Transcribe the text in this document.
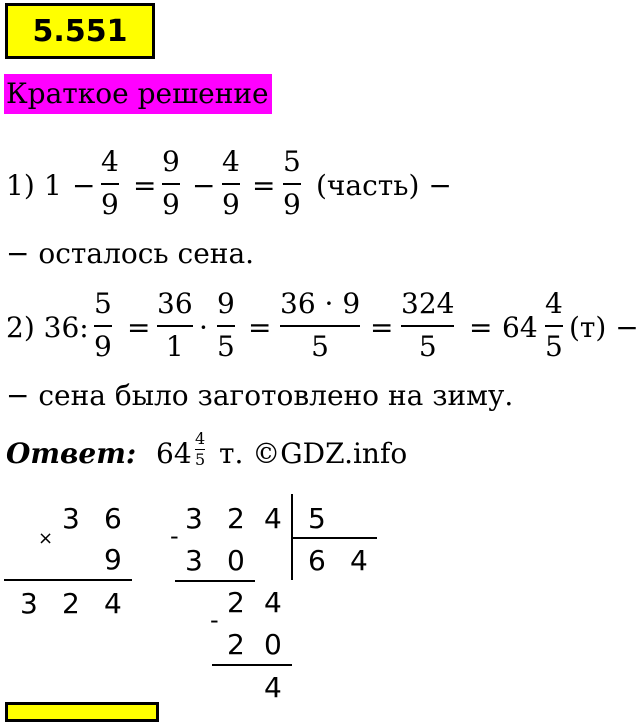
5.551
Краткое решение
1) 1 −
4
9
=
9
9
−
4
9
=
5
9
(часть) −
− осталось сена.
2) 36:
5
9
=
36
1
·
9
5
=
36 · 9
5
=
324
5
= 64
4
5
(т) −
− сена было заготовлено на зиму.
Ответ: 64 4
5 т. ©GDZ.info
3 6
×
9
3 2 4
3 2 4 5
6 4
-
3 0
2 4
-
2 0
4
